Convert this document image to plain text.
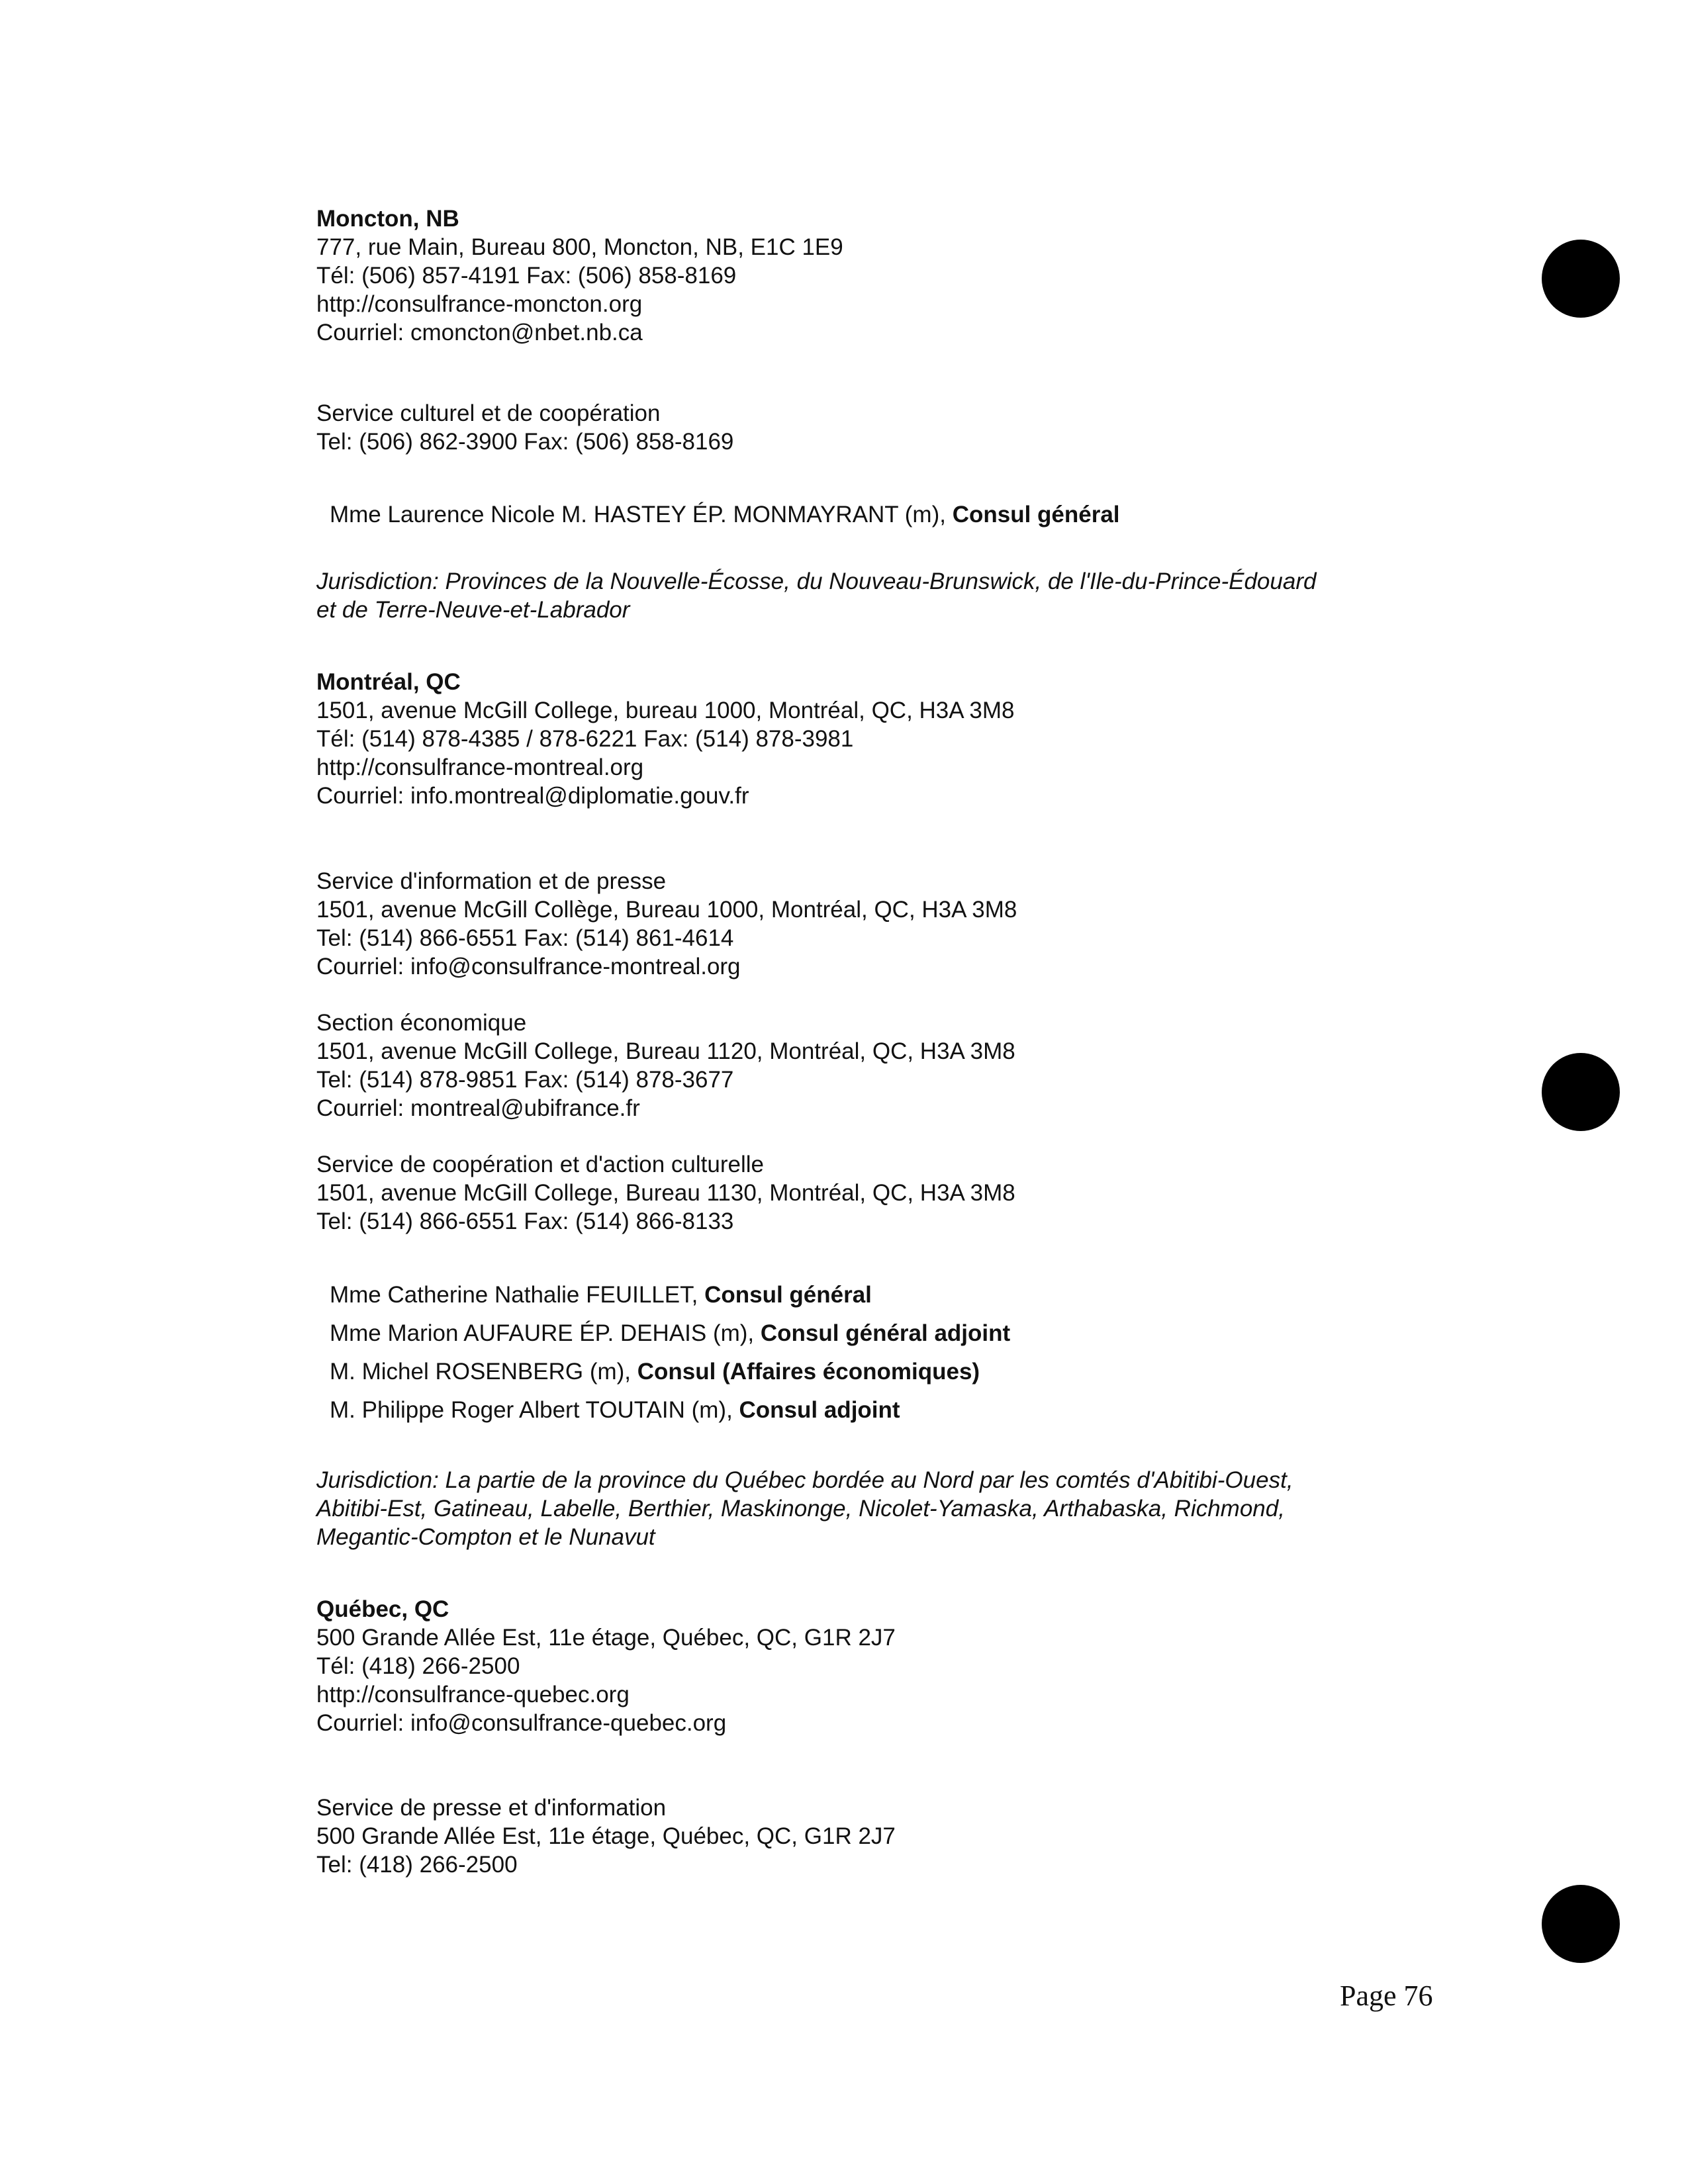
Moncton, NB
777, rue Main, Bureau 800, Moncton, NB, E1C 1E9
Tél: (506) 857-4191 Fax: (506) 858-8169
http://consulfrance-moncton.org
Courriel: cmoncton@nbet.nb.ca
Service culturel et de coopération
Tel: (506) 862-3900 Fax: (506) 858-8169
Mme Laurence Nicole M. HASTEY ÉP. MONMAYRANT (m), Consul général
Jurisdiction: Provinces de la Nouvelle-Écosse, du Nouveau-Brunswick, de l'Ile-du-Prince-Édouard
et de Terre-Neuve-et-Labrador
Montréal, QC
1501, avenue McGill College, bureau 1000, Montréal, QC, H3A 3M8
Tél: (514) 878-4385 / 878-6221 Fax: (514) 878-3981
http://consulfrance-montreal.org
Courriel: info.montreal@diplomatie.gouv.fr
Service d'information et de presse
1501, avenue McGill Collège, Bureau 1000, Montréal, QC, H3A 3M8
Tel: (514) 866-6551 Fax: (514) 861-4614
Courriel: info@consulfrance-montreal.org
Section économique
1501, avenue McGill College, Bureau 1120, Montréal, QC, H3A 3M8
Tel: (514) 878-9851 Fax: (514) 878-3677
Courriel: montreal@ubifrance.fr
Service de coopération et d'action culturelle
1501, avenue McGill College, Bureau 1130, Montréal, QC, H3A 3M8
Tel: (514) 866-6551 Fax: (514) 866-8133
Mme Catherine Nathalie FEUILLET, Consul général
Mme Marion AUFAURE ÉP. DEHAIS (m), Consul général adjoint
M. Michel ROSENBERG (m), Consul (Affaires économiques)
M. Philippe Roger Albert TOUTAIN (m), Consul adjoint
Jurisdiction: La partie de la province du Québec bordée au Nord par les comtés d'Abitibi-Ouest,
Abitibi-Est, Gatineau, Labelle, Berthier, Maskinonge, Nicolet-Yamaska, Arthabaska, Richmond,
Megantic-Compton et le Nunavut
Québec, QC
500 Grande Allée Est, 11e étage, Québec, QC, G1R 2J7
Tél: (418) 266-2500
http://consulfrance-quebec.org
Courriel: info@consulfrance-quebec.org
Service de presse et d'information
500 Grande Allée Est, 11e étage, Québec, QC, G1R 2J7
Tel: (418) 266-2500
Page 76
